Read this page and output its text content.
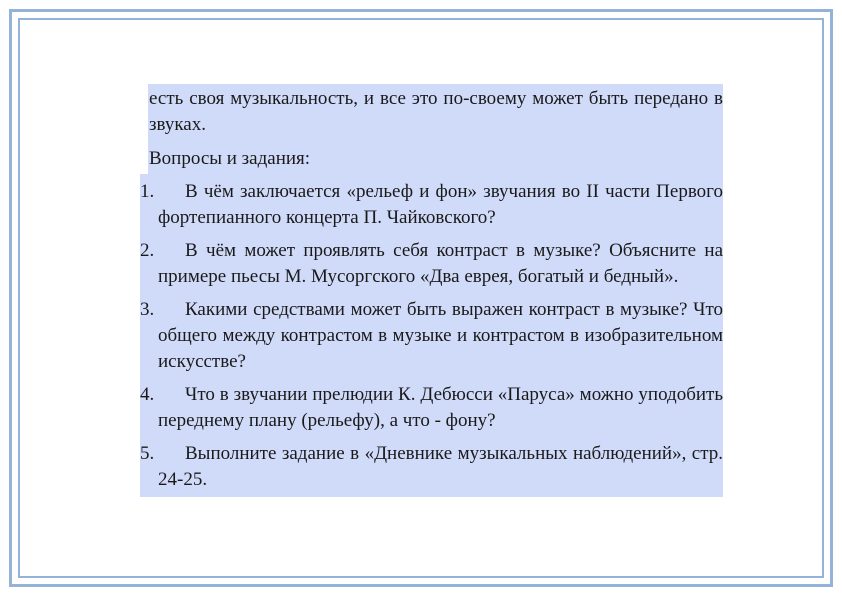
есть своя музыкальность, и все это по-своему может быть передано в звуках.

Вопросы и задания:

1.	В чём заключается «рельеф и фон» звучания во II части Первого фортепианного концерта П. Чайковского?
2.	В чём может проявлять себя контраст в музыке? Объясните на примере пьесы М. Мусоргского «Два еврея, богатый и бедный».
3.	Какими средствами может быть выражен контраст в музыке? Что общего между контрастом в музыке и контрастом в изобразительном искусстве?
4.	Что в звучании прелюдии К. Дебюсси «Паруса» можно уподобить переднему плану (рельефу), а что - фону?
5.	Выполните задание в «Дневнике музыкальных наблюдений», стр. 24-25.
